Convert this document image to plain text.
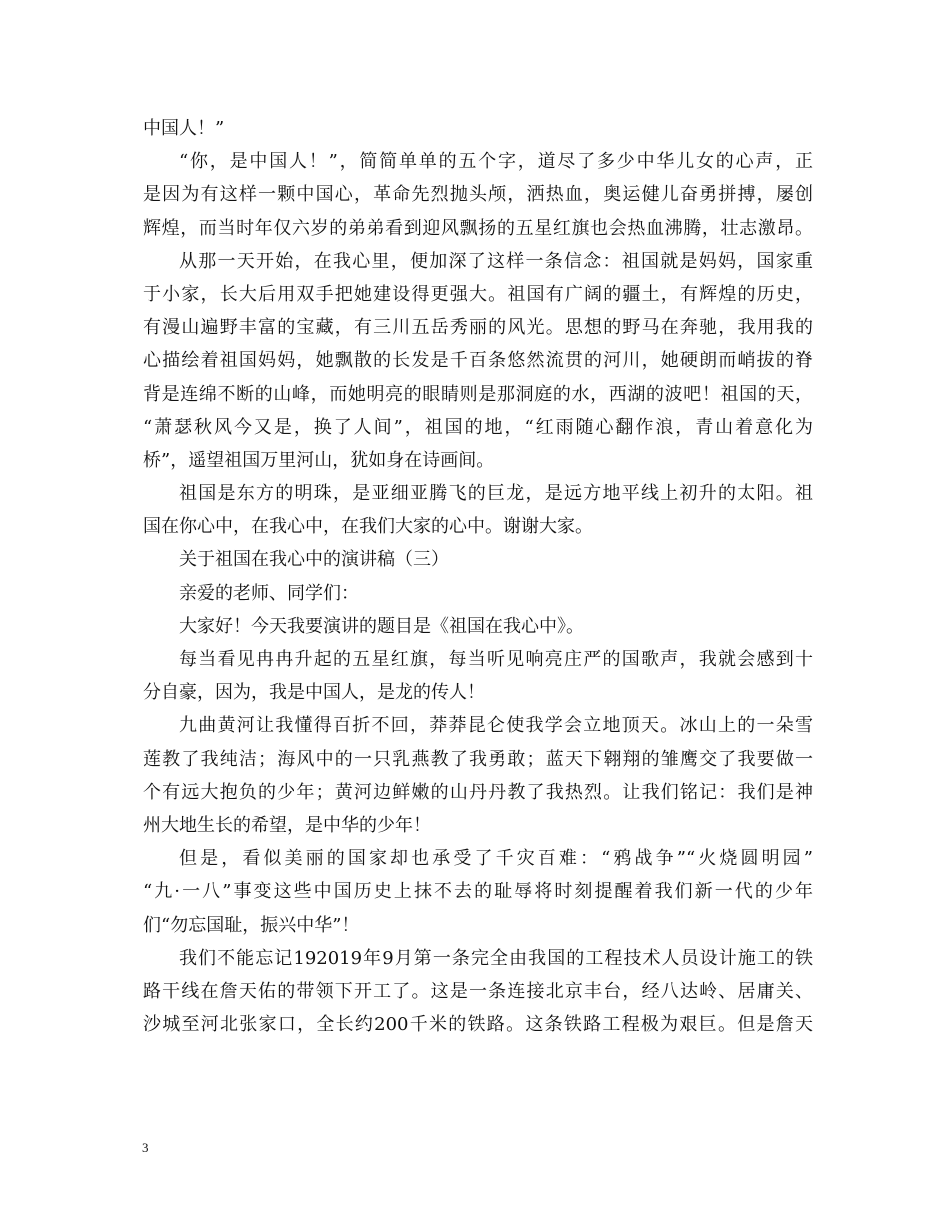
中国人！”
“你，是中国人！”，简简单单的五个字，道尽了多少中华儿女的心声，正
是因为有这样一颗中国心，革命先烈抛头颅，洒热血，奥运健儿奋勇拼搏，屡创
辉煌，而当时年仅六岁的弟弟看到迎风飘扬的五星红旗也会热血沸腾，壮志激昂。
从那一天开始，在我心里，便加深了这样一条信念：祖国就是妈妈，国家重
于小家，长大后用双手把她建设得更强大。祖国有广阔的疆土，有辉煌的历史，
有漫山遍野丰富的宝藏，有三川五岳秀丽的风光。思想的野马在奔驰，我用我的
心描绘着祖国妈妈，她飘散的长发是千百条悠然流贯的河川，她硬朗而峭拔的脊
背是连绵不断的山峰，而她明亮的眼睛则是那洞庭的水，西湖的波吧！祖国的天，
“萧瑟秋风今又是，换了人间”，祖国的地，“红雨随心翻作浪，青山着意化为
桥”，遥望祖国万里河山，犹如身在诗画间。
祖国是东方的明珠，是亚细亚腾飞的巨龙，是远方地平线上初升的太阳。祖
国在你心中，在我心中，在我们大家的心中。谢谢大家。
关于祖国在我心中的演讲稿（三）
亲爱的老师、同学们：
大家好！今天我要演讲的题目是《祖国在我心中》。
每当看见冉冉升起的五星红旗，每当听见响亮庄严的国歌声，我就会感到十
分自豪，因为，我是中国人，是龙的传人！
九曲黄河让我懂得百折不回，莽莽昆仑使我学会立地顶天。冰山上的一朵雪
莲教了我纯洁；海风中的一只乳燕教了我勇敢；蓝天下翱翔的雏鹰交了我要做一
个有远大抱负的少年；黄河边鲜嫩的山丹丹教了我热烈。让我们铭记：我们是神
州大地生长的希望，是中华的少年！
但是，看似美丽的国家却也承受了千灾百难：“鸦战争”“火烧圆明园”
“九·一八”事变这些中国历史上抹不去的耻辱将时刻提醒着我们新一代的少年
们“勿忘国耻，振兴中华”！
我们不能忘记192019年9月第一条完全由我国的工程技术人员设计施工的铁
路干线在詹天佑的带领下开工了。这是一条连接北京丰台，经八达岭、居庸关、
沙城至河北张家口，全长约200千米的铁路。这条铁路工程极为艰巨。但是詹天
3
